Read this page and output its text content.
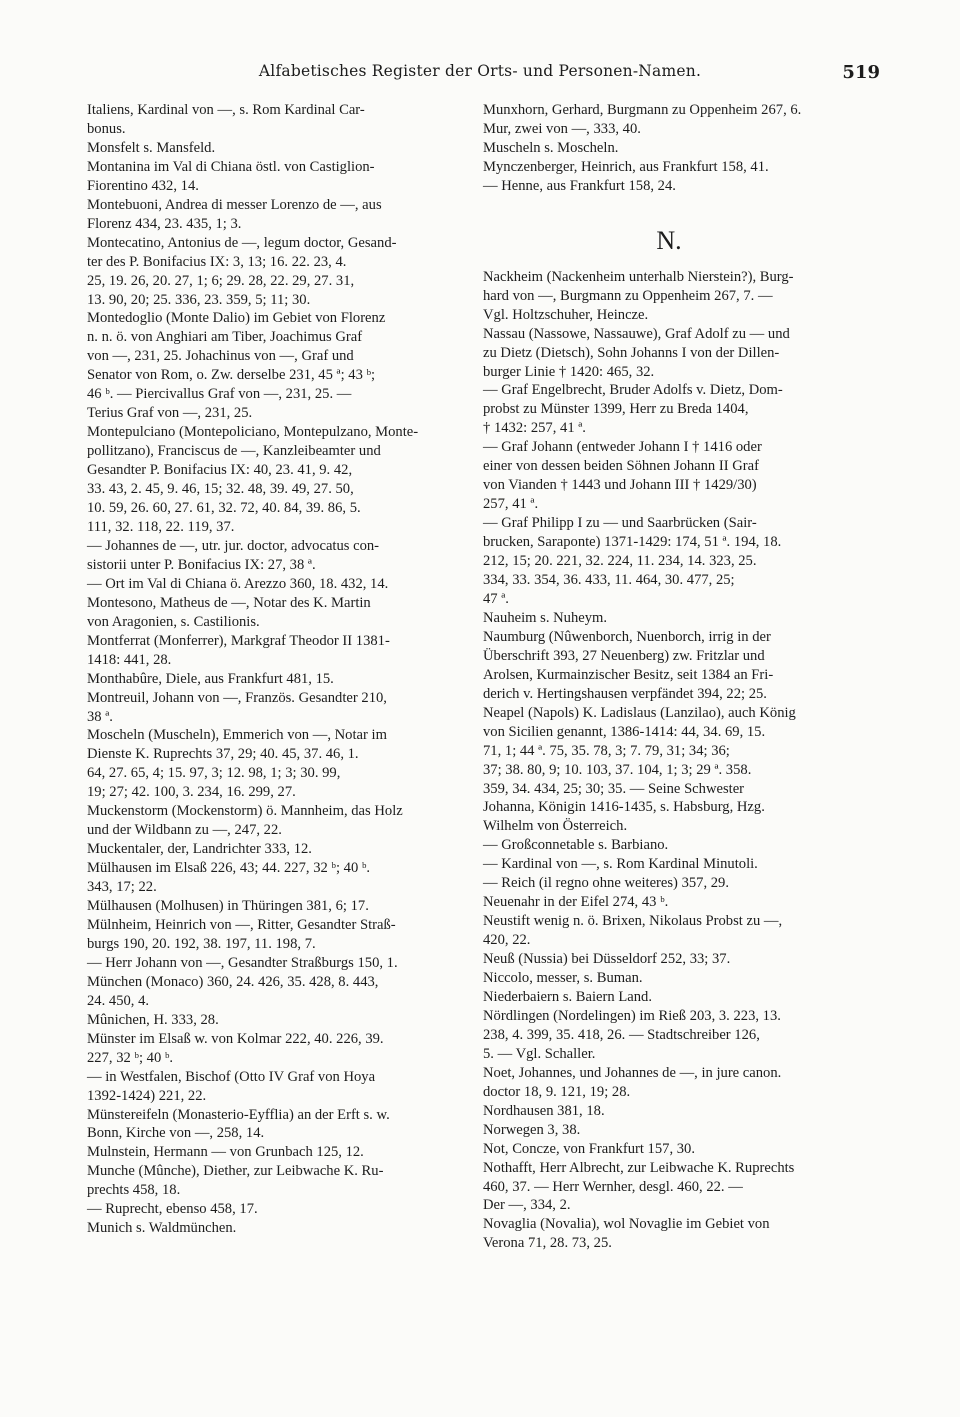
Alfabetisches Register der Orts- und Personen-Namen.	519

Italiens, Kardinal von —, s. Rom Kardinal Car-
bonus.

Monsfelt s. Mansfeld.

Montanina im Val di Chiana östl. von Castiglion-
Fiorentino 432, 14.

Montebuoni, Andrea di messer Lorenzo de —, aus
Florenz 434, 23. 435, 1; 3.

Montecatino, Antonius de —, legum doctor, Gesand-
ter des P. Bonifacius IX: 3, 13; 16. 22. 23, 4.
25, 19. 26, 20. 27, 1; 6; 29. 28, 22. 29, 27. 31,
13. 90, 20; 25. 336, 23. 359, 5; 11; 30.

Montedoglio (Monte Dalio) im Gebiet von Florenz
n. n. ö. von Anghiari am Tiber, Joachimus Graf
von —, 231, 25. Johachinus von —, Graf und
Senator von Rom, o. Zw. derselbe 231, 45 ª; 43 ᵇ;
46 ᵇ. — Piercivallus Graf von —, 231, 25. —
Terius Graf von —, 231, 25.

Montepulciano (Montepoliciano, Montepulzano, Monte-
pollitzano), Franciscus de —, Kanzleibeamter und
Gesandter P. Bonifacius IX: 40, 23. 41, 9. 42,
33. 43, 2. 45, 9. 46, 15; 32. 48, 39. 49, 27. 50,
10. 59, 26. 60, 27. 61, 32. 72, 40. 84, 39. 86, 5.
111, 32. 118, 22. 119, 37.

— Johannes de —, utr. jur. doctor, advocatus con-
sistorii unter P. Bonifacius IX: 27, 38 ª.

— Ort im Val di Chiana ö. Arezzo 360, 18. 432, 14.

Montesono, Matheus de —, Notar des K. Martin
von Aragonien, s. Castilionis.

Montferrat (Monferrer), Markgraf Theodor II 1381-
1418: 441, 28.

Monthabûre, Diele, aus Frankfurt 481, 15.

Montreuil, Johann von —, Französ. Gesandter 210,
38 ª.

Moscheln (Muscheln), Emmerich von —, Notar im
Dienste K. Ruprechts 37, 29; 40. 45, 37. 46, 1.
64, 27. 65, 4; 15. 97, 3; 12. 98, 1; 3; 30. 99,
19; 27; 42. 100, 3. 234, 16. 299, 27.

Muckenstorm (Mockenstorm) ö. Mannheim, das Holz
und der Wildbann zu —, 247, 22.

Muckentaler, der, Landrichter 333, 12.

Mülhausen im Elsaß 226, 43; 44. 227, 32 ᵇ; 40 ᵇ.
343, 17; 22.

Mülhausen (Molhusen) in Thüringen 381, 6; 17.

Mülnheim, Heinrich von —, Ritter, Gesandter Straß-
burgs 190, 20. 192, 38. 197, 11. 198, 7.

— Herr Johann von —, Gesandter Straßburgs 150, 1.

München (Monaco) 360, 24. 426, 35. 428, 8. 443,
24. 450, 4.

Mûnichen, H. 333, 28.

Münster im Elsaß w. von Kolmar 222, 40. 226, 39.
227, 32 ᵇ; 40 ᵇ.

— in Westfalen, Bischof (Otto IV Graf von Hoya
1392-1424) 221, 22.

Münstereifeln (Monasterio-Eyfflia) an der Erft s. w.
Bonn, Kirche von —, 258, 14.

Mulnstein, Hermann — von Grunbach 125, 12.

Munche (Mûnche), Diether, zur Leibwache K. Ru-
prechts 458, 18.

— Ruprecht, ebenso 458, 17.

Munich s. Waldmünchen.

Munxhorn, Gerhard, Burgmann zu Oppenheim 267, 6.

Mur, zwei von —, 333, 40.

Muscheln s. Moscheln.

Mynczenberger, Heinrich, aus Frankfurt 158, 41.

— Henne, aus Frankfurt 158, 24.

N.

Nackheim (Nackenheim unterhalb Nierstein?), Burg-
hard von —, Burgmann zu Oppenheim 267, 7. —
Vgl. Holtzschuher, Heincze.

Nassau (Nassowe, Nassauwe), Graf Adolf zu — und
zu Dietz (Dietsch), Sohn Johanns I von der Dillen-
burger Linie † 1420: 465, 32.

— Graf Engelbrecht, Bruder Adolfs v. Dietz, Dom-
probst zu Münster 1399, Herr zu Breda 1404,
† 1432: 257, 41 ª.

— Graf Johann (entweder Johann I † 1416 oder
einer von dessen beiden Söhnen Johann II Graf
von Vianden † 1443 und Johann III † 1429/30)
257, 41 ª.

— Graf Philipp I zu — und Saarbrücken (Sair-
brucken, Saraponte) 1371-1429: 174, 51 ª. 194, 18.
212, 15; 20. 221, 32. 224, 11. 234, 14. 323, 25.
334, 33. 354, 36. 433, 11. 464, 30. 477, 25;
47 ª.

Nauheim s. Nuheym.

Naumburg (Nûwenborch, Nuenborch, irrig in der
Überschrift 393, 27 Neuenberg) zw. Fritzlar und
Arolsen, Kurmainzischer Besitz, seit 1384 an Fri-
derich v. Hertingshausen verpfändet 394, 22; 25.

Neapel (Napols) K. Ladislaus (Lanzilao), auch König
von Sicilien genannt, 1386-1414: 44, 34. 69, 15.
71, 1; 44 ª. 75, 35. 78, 3; 7. 79, 31; 34; 36;
37; 38. 80, 9; 10. 103, 37. 104, 1; 3; 29 ª. 358.
359, 34. 434, 25; 30; 35. — Seine Schwester
Johanna, Königin 1416-1435, s. Habsburg, Hzg.
Wilhelm von Österreich.

— Großconnetable s. Barbiano.

— Kardinal von —, s. Rom Kardinal Minutoli.

— Reich (il regno ohne weiteres) 357, 29.

Neuenahr in der Eifel 274, 43 ᵇ.

Neustift wenig n. ö. Brixen, Nikolaus Probst zu —,
420, 22.

Neuß (Nussia) bei Düsseldorf 252, 33; 37.

Niccolo, messer, s. Buman.

Niederbaiern s. Baiern Land.

Nördlingen (Nordelingen) im Rieß 203, 3. 223, 13.
238, 4. 399, 35. 418, 26. — Stadtschreiber 126,
5. — Vgl. Schaller.

Noet, Johannes, und Johannes de —, in jure canon.
doctor 18, 9. 121, 19; 28.

Nordhausen 381, 18.

Norwegen 3, 38.

Not, Concze, von Frankfurt 157, 30.

Nothafft, Herr Albrecht, zur Leibwache K. Ruprechts
460, 37. — Herr Wernher, desgl. 460, 22. —
Der —, 334, 2.

Novaglia (Novalia), wol Novaglie im Gebiet von
Verona 71, 28. 73, 25.
